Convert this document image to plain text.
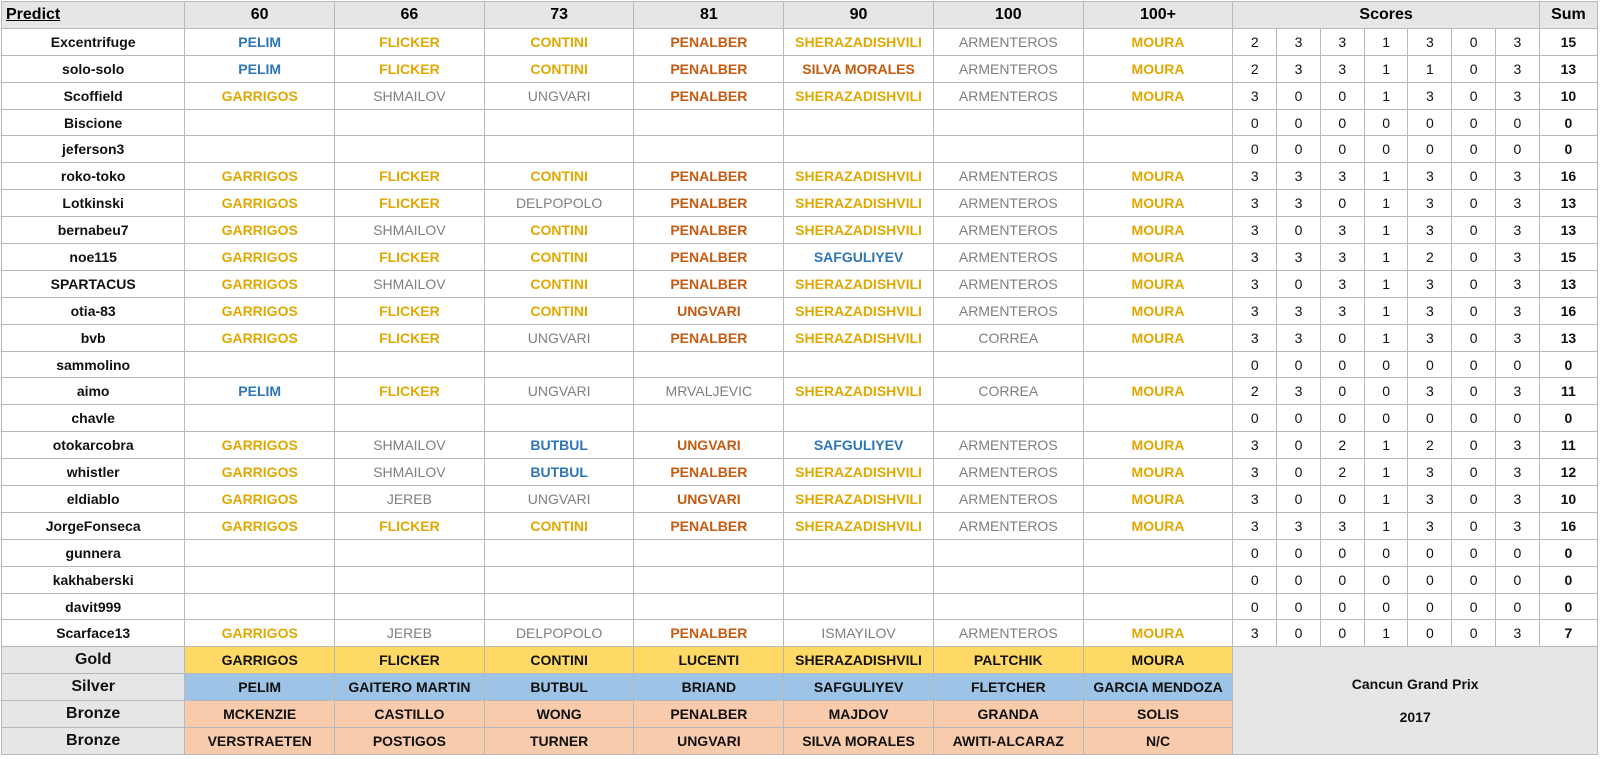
Predict	60	66	73	81	90	100	100+	Scores							Sum
Excentrifuge	PELIM	FLICKER	CONTINI	PENALBER	SHERAZADISHVILI	ARMENTEROS	MOURA	2	3	3	1	3	0	3	15
solo-solo	PELIM	FLICKER	CONTINI	PENALBER	SILVA MORALES	ARMENTEROS	MOURA	2	3	3	1	1	0	3	13
Scoffield	GARRIGOS	SHMAILOV	UNGVARI	PENALBER	SHERAZADISHVILI	ARMENTEROS	MOURA	3	0	0	1	3	0	3	10
Biscione								0	0	0	0	0	0	0	0
jeferson3								0	0	0	0	0	0	0	0
roko-toko	GARRIGOS	FLICKER	CONTINI	PENALBER	SHERAZADISHVILI	ARMENTEROS	MOURA	3	3	3	1	3	0	3	16
Lotkinski	GARRIGOS	FLICKER	DELPOPOLO	PENALBER	SHERAZADISHVILI	ARMENTEROS	MOURA	3	3	0	1	3	0	3	13
bernabeu7	GARRIGOS	SHMAILOV	CONTINI	PENALBER	SHERAZADISHVILI	ARMENTEROS	MOURA	3	0	3	1	3	0	3	13
noe115	GARRIGOS	FLICKER	CONTINI	PENALBER	SAFGULIYEV	ARMENTEROS	MOURA	3	3	3	1	2	0	3	15
SPARTACUS	GARRIGOS	SHMAILOV	CONTINI	PENALBER	SHERAZADISHVILI	ARMENTEROS	MOURA	3	0	3	1	3	0	3	13
otia-83	GARRIGOS	FLICKER	CONTINI	UNGVARI	SHERAZADISHVILI	ARMENTEROS	MOURA	3	3	3	1	3	0	3	16
bvb	GARRIGOS	FLICKER	UNGVARI	PENALBER	SHERAZADISHVILI	CORREA	MOURA	3	3	0	1	3	0	3	13
sammolino								0	0	0	0	0	0	0	0
aimo	PELIM	FLICKER	UNGVARI	MRVALJEVIC	SHERAZADISHVILI	CORREA	MOURA	2	3	0	0	3	0	3	11
chavle								0	0	0	0	0	0	0	0
otokarcobra	GARRIGOS	SHMAILOV	BUTBUL	UNGVARI	SAFGULIYEV	ARMENTEROS	MOURA	3	0	2	1	2	0	3	11
whistler	GARRIGOS	SHMAILOV	BUTBUL	PENALBER	SHERAZADISHVILI	ARMENTEROS	MOURA	3	0	2	1	3	0	3	12
eldiablo	GARRIGOS	JEREB	UNGVARI	UNGVARI	SHERAZADISHVILI	ARMENTEROS	MOURA	3	0	0	1	3	0	3	10
JorgeFonseca	GARRIGOS	FLICKER	CONTINI	PENALBER	SHERAZADISHVILI	ARMENTEROS	MOURA	3	3	3	1	3	0	3	16
gunnera								0	0	0	0	0	0	0	0
kakhaberski								0	0	0	0	0	0	0	0
davit999								0	0	0	0	0	0	0	0
Scarface13	GARRIGOS	JEREB	DELPOPOLO	PENALBER	ISMAYILOV	ARMENTEROS	MOURA	3	0	0	1	0	0	3	7
Gold	GARRIGOS	FLICKER	CONTINI	LUCENTI	SHERAZADISHVILI	PALTCHIK	MOURA	Cancun Grand Prix
2017							

Silver	PELIM	GAITERO MARTIN	BUTBUL	BRIAND	SAFGULIYEV	FLETCHER	GARCIA MENDOZA								
Bronze	MCKENZIE	CASTILLO	WONG	PENALBER	MAJDOV	GRANDA	SOLIS								
Bronze	VERSTRAETEN	POSTIGOS	TURNER	UNGVARI	SILVA MORALES	AWITI-ALCARAZ	N/C								
